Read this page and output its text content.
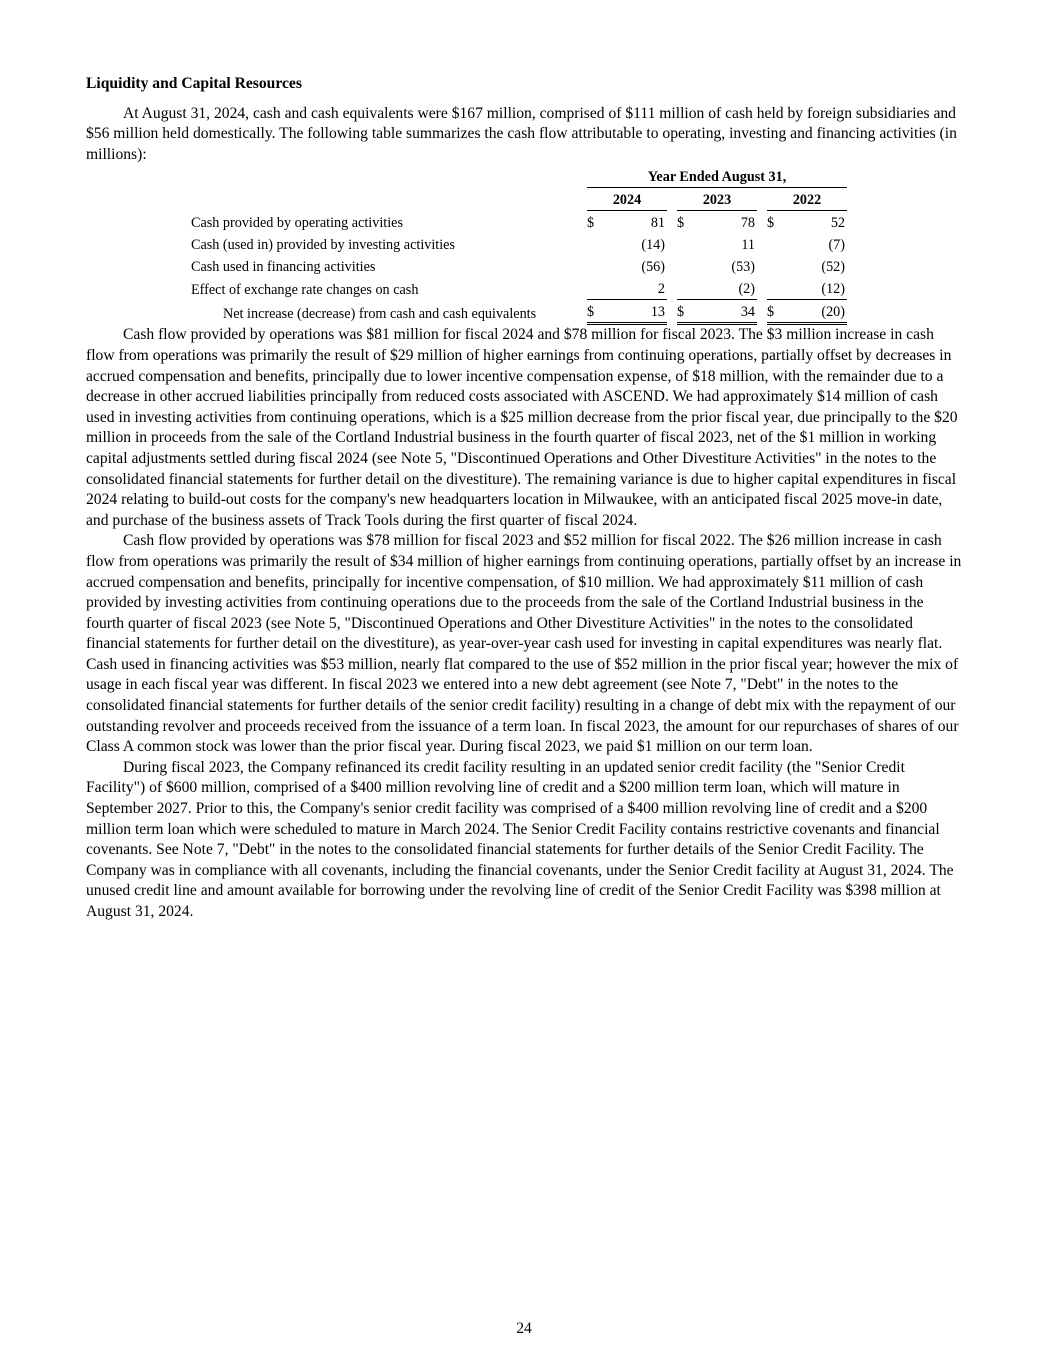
Liquidity and Capital Resources

At August 31, 2024, cash and cash equivalents were $167 million, comprised of $111 million of cash held by foreign subsidiaries and $56 million held domestically. The following table summarizes the cash flow attributable to operating, investing and financing activities (in millions):

		Year Ended August 31,							
		2024			2023			2022	
Cash provided by operating activities		$	81		$	78		$	52
Cash (used in) provided by investing activities			(14)			11			(7)
Cash used in financing activities			(56)			(53)			(52)
Effect of exchange rate changes on cash			2			(2)			(12)
Net increase (decrease) from cash and cash equivalents		$	13		$	34		$	(20)

Cash flow provided by operations was $81 million for fiscal 2024 and $78 million for fiscal 2023. The $3 million increase in cash flow from operations was primarily the result of $29 million of higher earnings from continuing operations, partially offset by decreases in accrued compensation and benefits, principally due to lower incentive compensation expense, of $18 million, with the remainder due to a decrease in other accrued liabilities principally from reduced costs associated with ASCEND. We had approximately $14 million of cash used in investing activities from continuing operations, which is a $25 million decrease from the prior fiscal year, due principally to the $20 million in proceeds from the sale of the Cortland Industrial business in the fourth quarter of fiscal 2023, net of the $1 million in working capital adjustments settled during fiscal 2024 (see Note 5, "Discontinued Operations and Other Divestiture Activities" in the notes to the consolidated financial statements for further detail on the divestiture). The remaining variance is due to higher capital expenditures in fiscal 2024 relating to build-out costs for the company's new headquarters location in Milwaukee, with an anticipated fiscal 2025 move-in date, and purchase of the business assets of Track Tools during the first quarter of fiscal 2024.

Cash flow provided by operations was $78 million for fiscal 2023 and $52 million for fiscal 2022. The $26 million increase in cash flow from operations was primarily the result of $34 million of higher earnings from continuing operations, partially offset by an increase in accrued compensation and benefits, principally for incentive compensation, of $10 million. We had approximately $11 million of cash provided by investing activities from continuing operations due to the proceeds from the sale of the Cortland Industrial business in the fourth quarter of fiscal 2023 (see Note 5, "Discontinued Operations and Other Divestiture Activities" in the notes to the consolidated financial statements for further detail on the divestiture), as year-over-year cash used for investing in capital expenditures was nearly flat. Cash used in financing activities was $53 million, nearly flat compared to the use of $52 million in the prior fiscal year; however the mix of usage in each fiscal year was different. In fiscal 2023 we entered into a new debt agreement (see Note 7, "Debt" in the notes to the consolidated financial statements for further details of the senior credit facility) resulting in a change of debt mix with the repayment of our outstanding revolver and proceeds received from the issuance of a term loan. In fiscal 2023, the amount for our repurchases of shares of our Class A common stock was lower than the prior fiscal year. During fiscal 2023, we paid $1 million on our term loan.

During fiscal 2023, the Company refinanced its credit facility resulting in an updated senior credit facility (the "Senior Credit Facility") of $600 million, comprised of a $400 million revolving line of credit and a $200 million term loan, which will mature in September 2027. Prior to this, the Company's senior credit facility was comprised of a $400 million revolving line of credit and a $200 million term loan which were scheduled to mature in March 2024. The Senior Credit Facility contains restrictive covenants and financial covenants. See Note 7, "Debt" in the notes to the consolidated financial statements for further details of the Senior Credit Facility. The Company was in compliance with all covenants, including the financial covenants, under the Senior Credit facility at August 31, 2024. The unused credit line and amount available for borrowing under the revolving line of credit of the Senior Credit Facility was $398 million at August 31, 2024.

24
